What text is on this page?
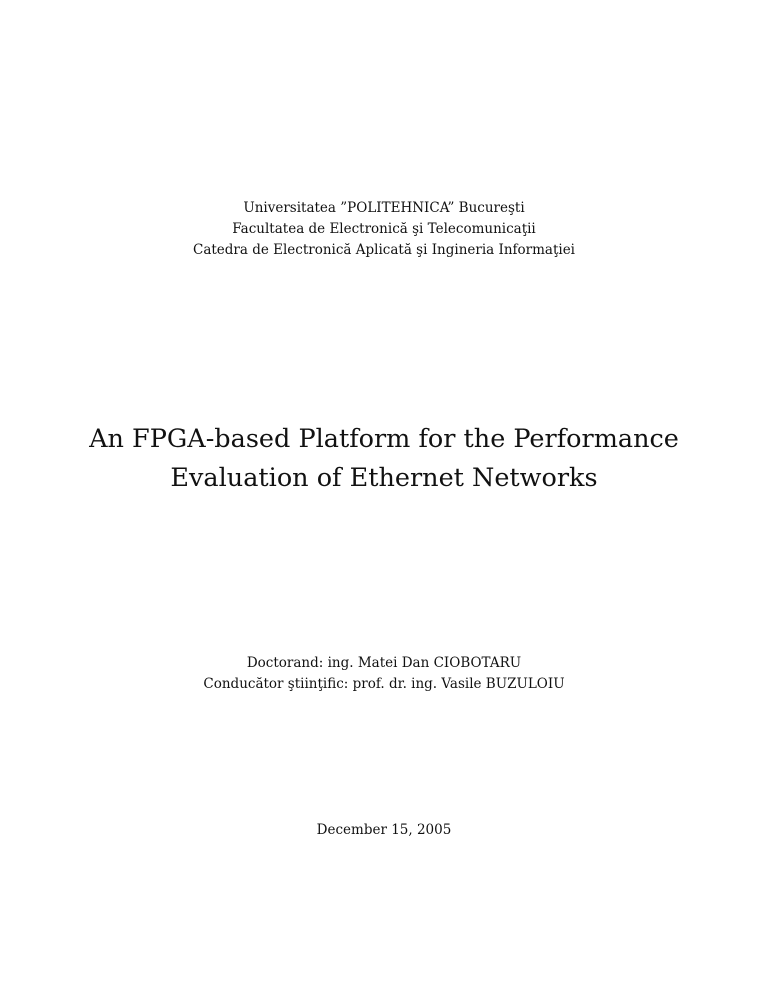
Universitatea ”POLITEHNICA” Bucureşti
Facultatea de Electronică şi Telecomunicaţii
Catedra de Electronică Aplicată şi Ingineria Informaţiei
An FPGA-based Platform for the Performance
Evaluation of Ethernet Networks
Doctorand: ing. Matei Dan CIOBOTARU
Conducător ştiinţific: prof. dr. ing. Vasile BUZULOIU
December 15, 2005
